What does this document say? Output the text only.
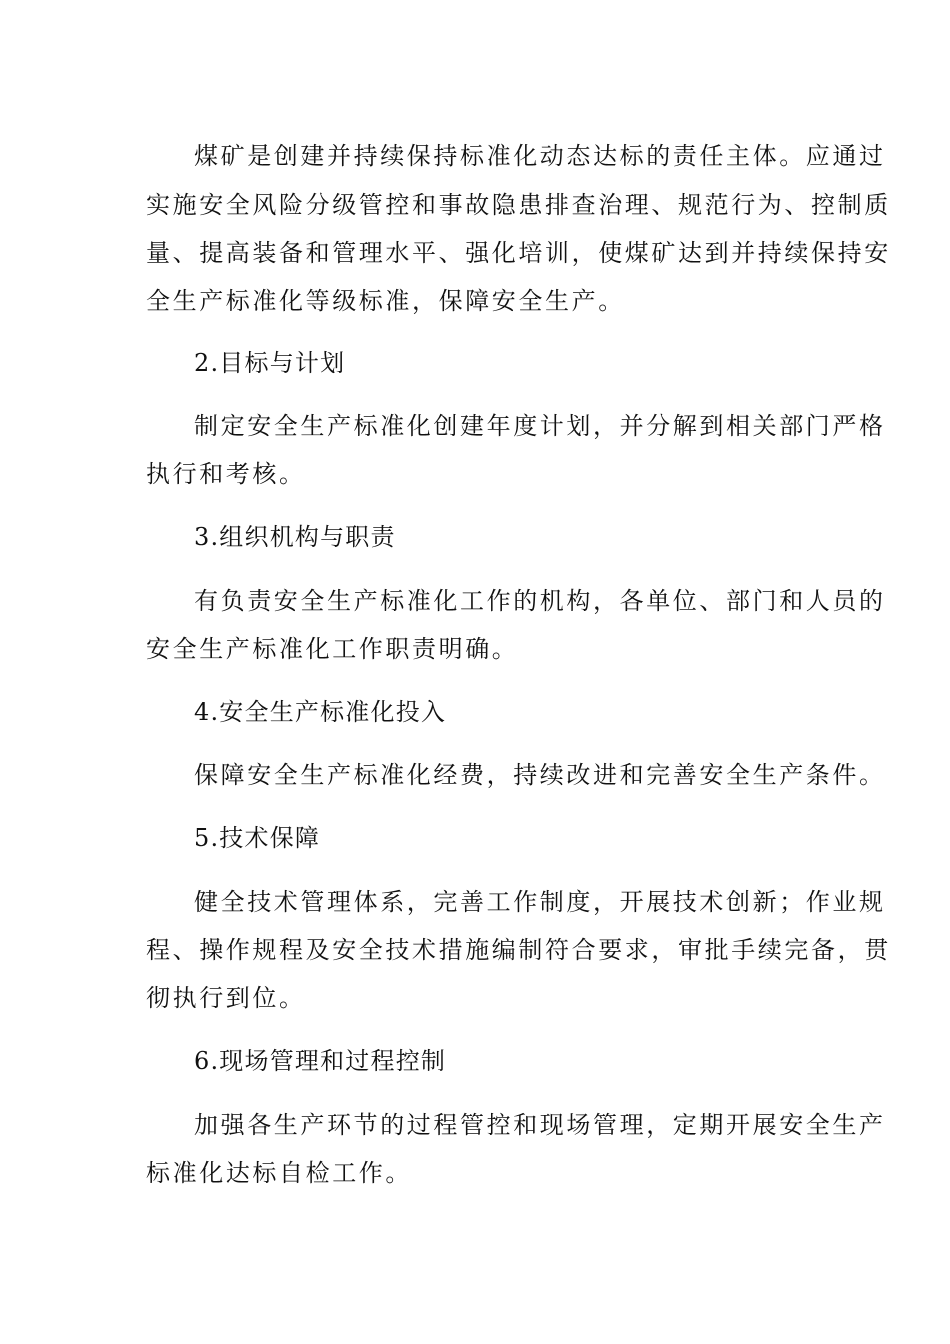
煤矿是创建并持续保持标准化动态达标的责任主体。应通过
实施安全风险分级管控和事故隐患排查治理、规范行为、控制质
量、提高装备和管理水平、强化培训，使煤矿达到并持续保持安
全生产标准化等级标准，保障安全生产。
2.目标与计划
制定安全生产标准化创建年度计划，并分解到相关部门严格
执行和考核。
3.组织机构与职责
有负责安全生产标准化工作的机构，各单位、部门和人员的
安全生产标准化工作职责明确。
4.安全生产标准化投入
保障安全生产标准化经费，持续改进和完善安全生产条件。
5.技术保障
健全技术管理体系，完善工作制度，开展技术创新；作业规
程、操作规程及安全技术措施编制符合要求，审批手续完备，贯
彻执行到位。
6.现场管理和过程控制
加强各生产环节的过程管控和现场管理，定期开展安全生产
标准化达标自检工作。
